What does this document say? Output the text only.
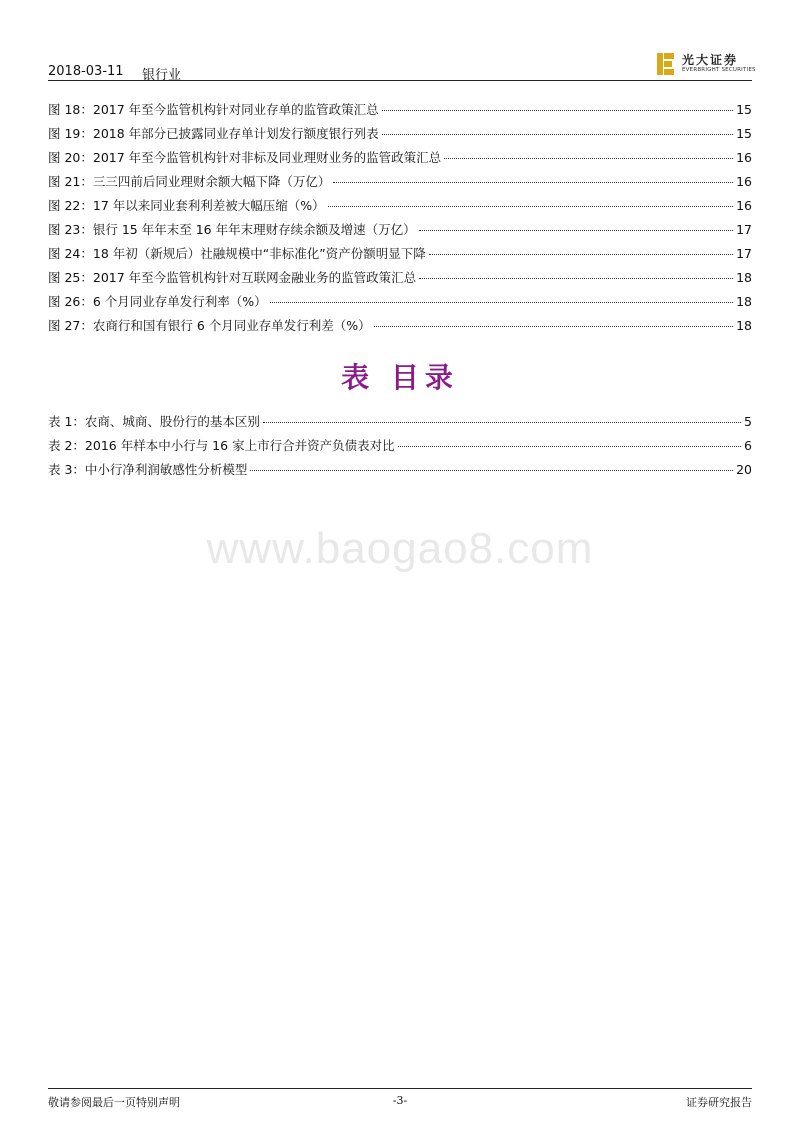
2018-03-11 银行业
光大证券
EVERBRIGHT SECURITIES
图 18：2017 年至今监管机构针对同业存单的监管政策汇总	15
图 19：2018 年部分已披露同业存单计划发行额度银行列表	15
图 20：2017 年至今监管机构针对非标及同业理财业务的监管政策汇总	16
图 21：三三四前后同业理财余额大幅下降（万亿）	16
图 22：17 年以来同业套利利差被大幅压缩（%）	16
图 23：银行 15 年年末至 16 年年末理财存续余额及增速（万亿）	17
图 24：18 年初（新规后）社融规模中“非标准化”资产份额明显下降	17
图 25：2017 年至今监管机构针对互联网金融业务的监管政策汇总	18
图 26：6 个月同业存单发行利率（%）	18
图 27：农商行和国有银行 6 个月同业存单发行利差（%）	18
表 目录
表 1：农商、城商、股份行的基本区别	5
表 2：2016 年样本中小行与 16 家上市行合并资产负债表对比	6
表 3：中小行净利润敏感性分析模型	20
www.baogao8.com
敬请参阅最后一页特别声明	-3-	证券研究报告
